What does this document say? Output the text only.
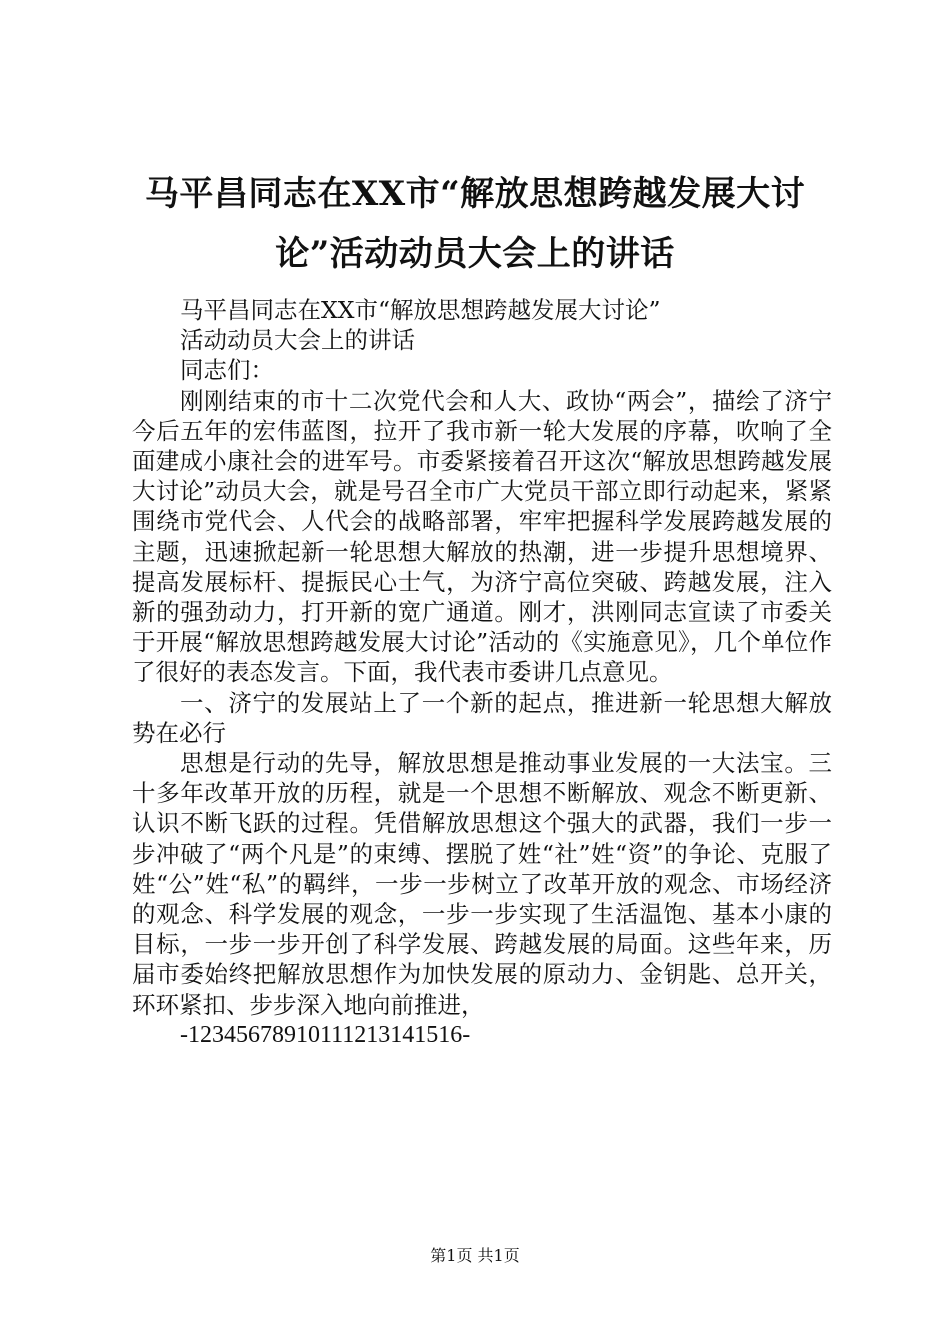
马平昌同志在XX市“解放思想跨越发展大讨
论”活动动员大会上的讲话

马平昌同志在XX市“解放思想跨越发展大讨论”

活动动员大会上的讲话

同志们：

刚刚结束的市十二次党代会和人大、政协“两会”，描绘了济宁今后五年的宏伟蓝图，拉开了我市新一轮大发展的序幕，吹响了全面建成小康社会的进军号。市委紧接着召开这次“解放思想跨越发展大讨论”动员大会，就是号召全市广大党员干部立即行动起来，紧紧围绕市党代会、人代会的战略部署，牢牢把握科学发展跨越发展的主题，迅速掀起新一轮思想大解放的热潮，进一步提升思想境界、提高发展标杆、提振民心士气，为济宁高位突破、跨越发展，注入新的强劲动力，打开新的宽广通道。刚才，洪刚同志宣读了市委关于开展“解放思想跨越发展大讨论”活动的《实施意见》，几个单位作了很好的表态发言。下面，我代表市委讲几点意见。

一、济宁的发展站上了一个新的起点，推进新一轮思想大解放势在必行

思想是行动的先导，解放思想是推动事业发展的一大法宝。三十多年改革开放的历程，就是一个思想不断解放、观念不断更新、认识不断飞跃的过程。凭借解放思想这个强大的武器，我们一步一步冲破了“两个凡是”的束缚、摆脱了姓“社”姓“资”的争论、克服了姓“公”姓“私”的羁绊，一步一步树立了改革开放的观念、市场经济的观念、科学发展的观念，一步一步实现了生活温饱、基本小康的目标，一步一步开创了科学发展、跨越发展的局面。这些年来，历届市委始终把解放思想作为加快发展的原动力、金钥匙、总开关，环环紧扣、步步深入地向前推进，

-12345678910111213141516-
第1页 共1页
